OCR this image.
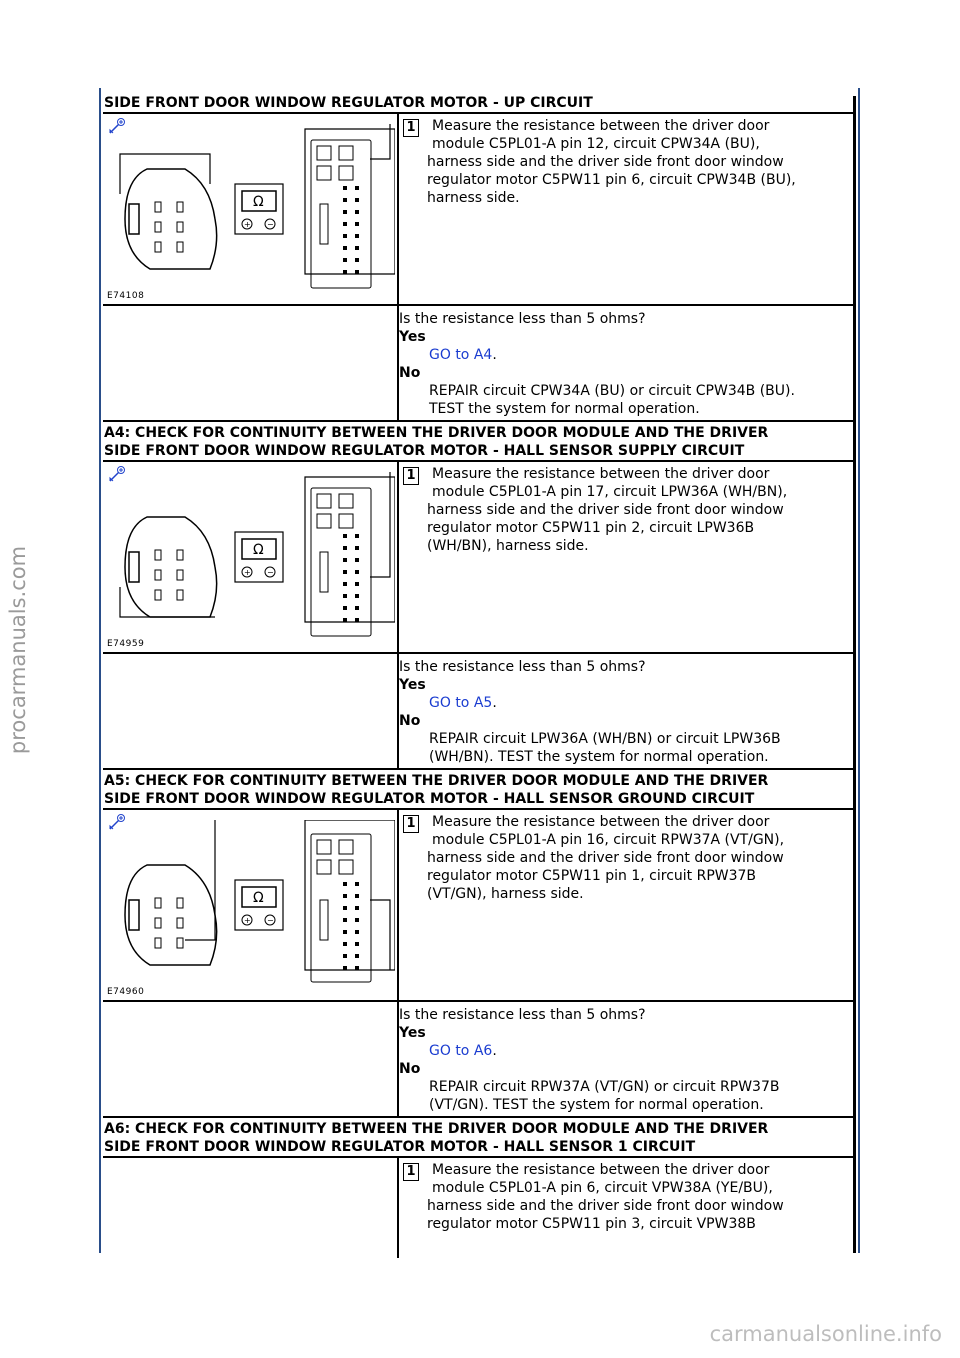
procarmanuals.com
carmanualsonline.info
SIDE FRONT DOOR WINDOW REGULATOR MOTOR - UP CIRCUIT
Ω
+ −
E74108
1 Measure the resistance between the driver door
module C5PL01-A pin 12, circuit CPW34A (BU),
harness side and the driver side front door window
regulator motor C5PW11 pin 6, circuit CPW34B (BU),
harness side.
Is the resistance less than 5 ohms?
Yes
GO to A4.
No
REPAIR circuit CPW34A (BU) or circuit CPW34B (BU).
TEST the system for normal operation.
A4: CHECK FOR CONTINUITY BETWEEN THE DRIVER DOOR MODULE AND THE DRIVER
SIDE FRONT DOOR WINDOW REGULATOR MOTOR - HALL SENSOR SUPPLY CIRCUIT
Ω
+ −
E74959
1 Measure the resistance between the driver door
module C5PL01-A pin 17, circuit LPW36A (WH/BN),
harness side and the driver side front door window
regulator motor C5PW11 pin 2, circuit LPW36B
(WH/BN), harness side.
Is the resistance less than 5 ohms?
Yes
GO to A5.
No
REPAIR circuit LPW36A (WH/BN) or circuit LPW36B
(WH/BN). TEST the system for normal operation.
A5: CHECK FOR CONTINUITY BETWEEN THE DRIVER DOOR MODULE AND THE DRIVER
SIDE FRONT DOOR WINDOW REGULATOR MOTOR - HALL SENSOR GROUND CIRCUIT
Ω
+ −
E74960
1 Measure the resistance between the driver door
module C5PL01-A pin 16, circuit RPW37A (VT/GN),
harness side and the driver side front door window
regulator motor C5PW11 pin 1, circuit RPW37B
(VT/GN), harness side.
Is the resistance less than 5 ohms?
Yes
GO to A6.
No
REPAIR circuit RPW37A (VT/GN) or circuit RPW37B
(VT/GN). TEST the system for normal operation.
A6: CHECK FOR CONTINUITY BETWEEN THE DRIVER DOOR MODULE AND THE DRIVER
SIDE FRONT DOOR WINDOW REGULATOR MOTOR - HALL SENSOR 1 CIRCUIT
1 Measure the resistance between the driver door
module C5PL01-A pin 6, circuit VPW38A (YE/BU),
harness side and the driver side front door window
regulator motor C5PW11 pin 3, circuit VPW38B
